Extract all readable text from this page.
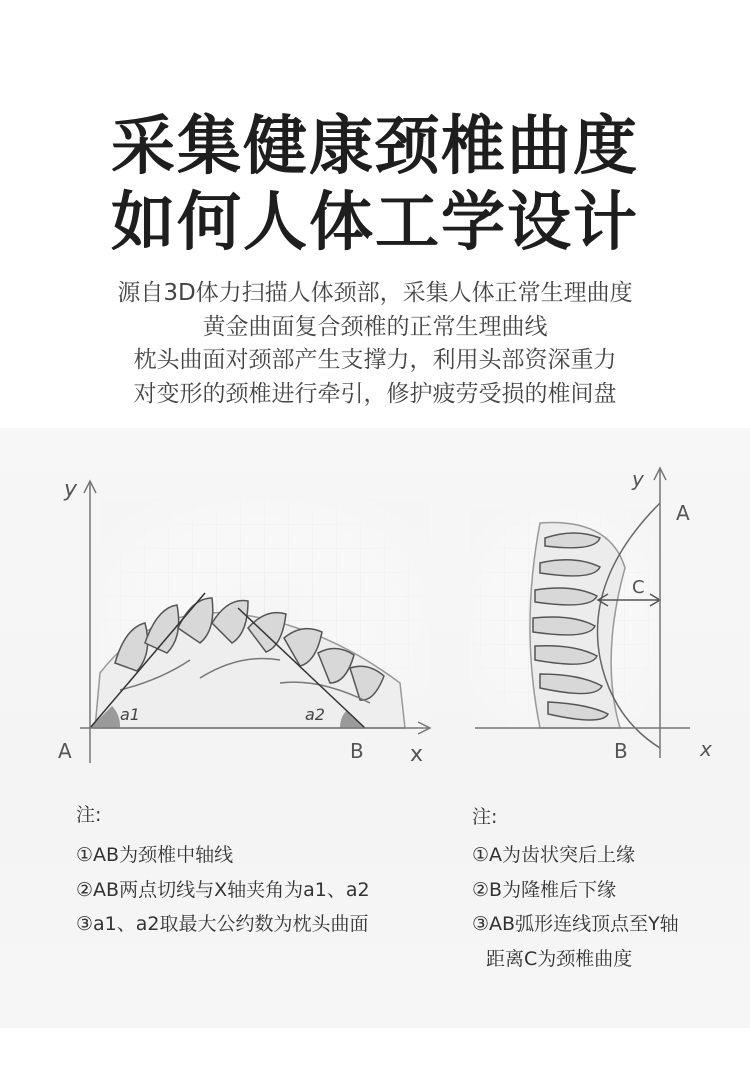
采集健康颈椎曲度
如何人体工学设计
源自3D体力扫描人体颈部，采集人体正常生理曲度
黄金曲面复合颈椎的正常生理曲线
枕头曲面对颈部产生支撑力，利用头部资深重力
对变形的颈椎进行牵引，修护疲劳受损的椎间盘
y
x
A	B
a1	a2
y
x
A
B
C
注:
①AB为颈椎中轴线
②AB两点切线与X轴夹角为a1、a2
③a1、a2取最大公约数为枕头曲面
注:
①A为齿状突后上缘
②B为隆椎后下缘
③AB弧形连线顶点至Y轴
距离C为颈椎曲度
